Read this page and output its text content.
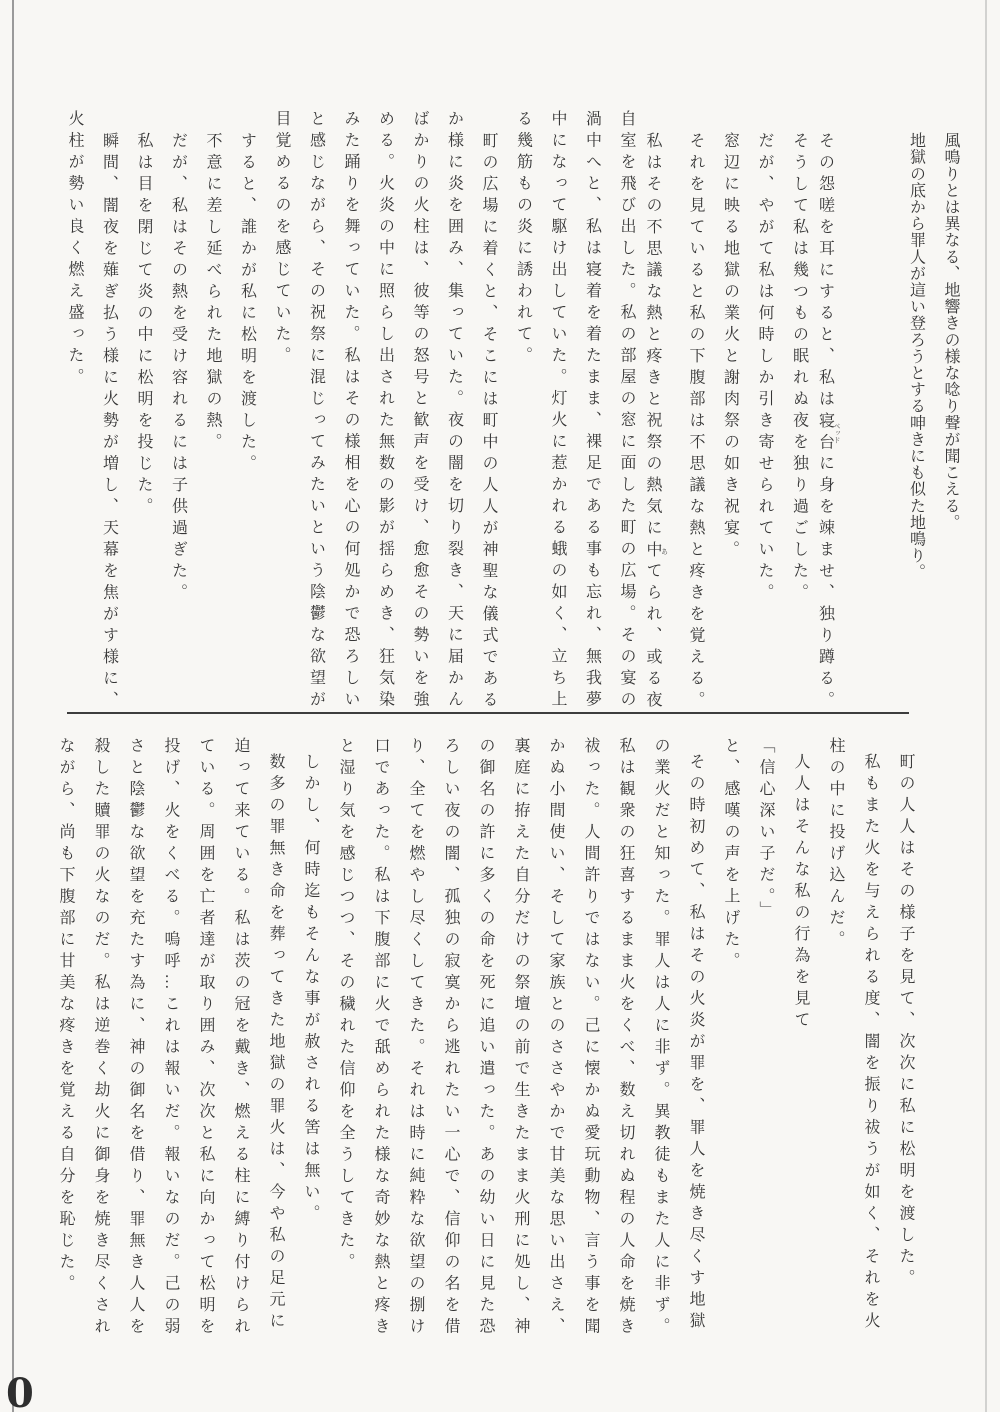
風鳴りとは異なる、地響きの様な唸り聲が聞こえる。
地獄の底から罪人が這い登ろうとする呻きにも似た地鳴り。
その怨嗟を耳にすると、私は寝台 ベッドに身を竦ませ、独り蹲る。
そうして私は幾つもの眠れぬ夜を独り過ごした。
だが、やがて私は何時しか引き寄せられていた。
窓辺に映る地獄の業火と謝肉祭の如き祝宴。
それを見ていると私の下腹部は不思議な熱と疼きを覚える。
私はその不思議な熱と疼きと祝祭の熱気に中 あてられ、或る夜
自室を飛び出した。私の部屋の窓に面した町の広場。その宴の
渦中へと、私は寝着を着たまま、裸足である事も忘れ、無我夢
中になって駆け出していた。灯火に惹かれる蛾の如く、立ち上
る幾筋もの炎に誘われて。
町の広場に着くと、そこには町中の人人が神聖な儀式である
か様に炎を囲み、集っていた。夜の闇を切り裂き、天に届かん
ばかりの火柱は、彼等の怒号と歓声を受け、愈愈その勢いを強
める。火炎の中に照らし出された無数の影が揺らめき、狂気染
みた踊りを舞っていた。私はその様相を心の何処かで恐ろしい
と感じながら、その祝祭に混じってみたいという陰鬱な欲望が
目覚めるのを感じていた。
すると、誰かが私に松明を渡した。
不意に差し延べられた地獄の熱。
だが、私はその熱を受け容れるには子供過ぎた。
私は目を閉じて炎の中に松明を投じた。
瞬間、闇夜を薙ぎ払う様に火勢が増し、天幕を焦がす様に、
火柱が勢い良く燃え盛った。
町の人人はその様子を見て、次次に私に松明を渡した。
私もまた火を与えられる度、闇を振り祓うが如く、それを火
柱の中に投げ込んだ。
人人はそんな私の行為を見て
「信心深い子だ。」
と、感嘆の声を上げた。
その時初めて、私はその火炎が罪を、罪人を焼き尽くす地獄
の業火だと知った。罪人は人に非ず。異教徒もまた人に非ず。
私は観衆の狂喜するまま火をくべ、数え切れぬ程の人命を焼き
祓った。人間許りではない。己に懐かぬ愛玩動物、言う事を聞
かぬ小間使い、そして家族とのささやかで甘美な思い出さえ、
裏庭に拵えた自分だけの祭壇の前で生きたまま火刑に処し、神
の御名の許に多くの命を死に追い遣った。あの幼い日に見た恐
ろしい夜の闇、孤独の寂寞から逃れたい一心で、信仰の名を借
り、全てを燃やし尽くしてきた。それは時に純粋な欲望の捌け
口であった。私は下腹部に火で舐められた様な奇妙な熱と疼き
と湿り気を感じつつ、その穢れた信仰を全うしてきた。
しかし、何時迄もそんな事が赦される筈は無い。
数多の罪無き命を葬ってきた地獄の罪火は、今や私の足元に
迫って来ている。私は茨の冠を戴き、燃える柱に縛り付けられ
ている。周囲を亡者達が取り囲み、次次と私に向かって松明を
投げ、火をくべる。嗚呼…これは報いだ。報いなのだ。己の弱
さと陰鬱な欲望を充たす為に、神の御名を借り、罪無き人人を
殺した贖罪の火なのだ。私は逆巻く劫火に御身を焼き尽くされ
ながら、尚も下腹部に甘美な疼きを覚える自分を恥じた。
0
